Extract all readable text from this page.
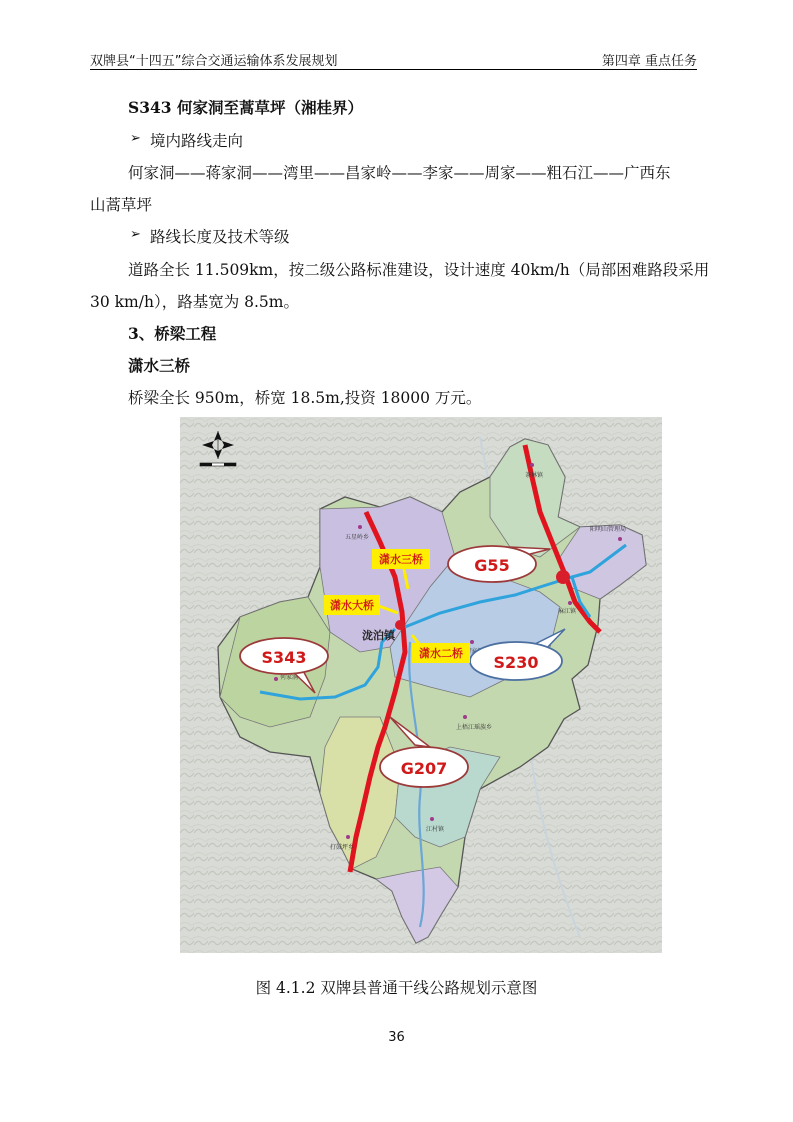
双牌县“十四五”综合交通运输体系发展规划	第四章 重点任务
S343 何家洞至蒿草坪（湘桂界）
➢ 境内路线走向
何家洞——蒋家洞——湾里——昌家岭——李家——周家——粗石江——广西东
山蒿草坪
➢ 路线长度及技术等级
道路全长 11.509km，按二级公路标准建设，设计速度 40km/h（局部困难路段采用
30 km/h），路基宽为 8.5m。
3、桥梁工程
潇水三桥
桥梁全长 950m，桥宽 18.5m,投资 18000 万元。
五星岭乡
茶林镇
阳明山管理局
何家洞
麻江镇
江村镇
打鼓坪乡
上梧江瑶族乡
G55
S343	S230
G207
潇水三桥
潇水大桥
潇水二桥
泷泊镇
图 4.1.2 双牌县普通干线公路规划示意图
36
